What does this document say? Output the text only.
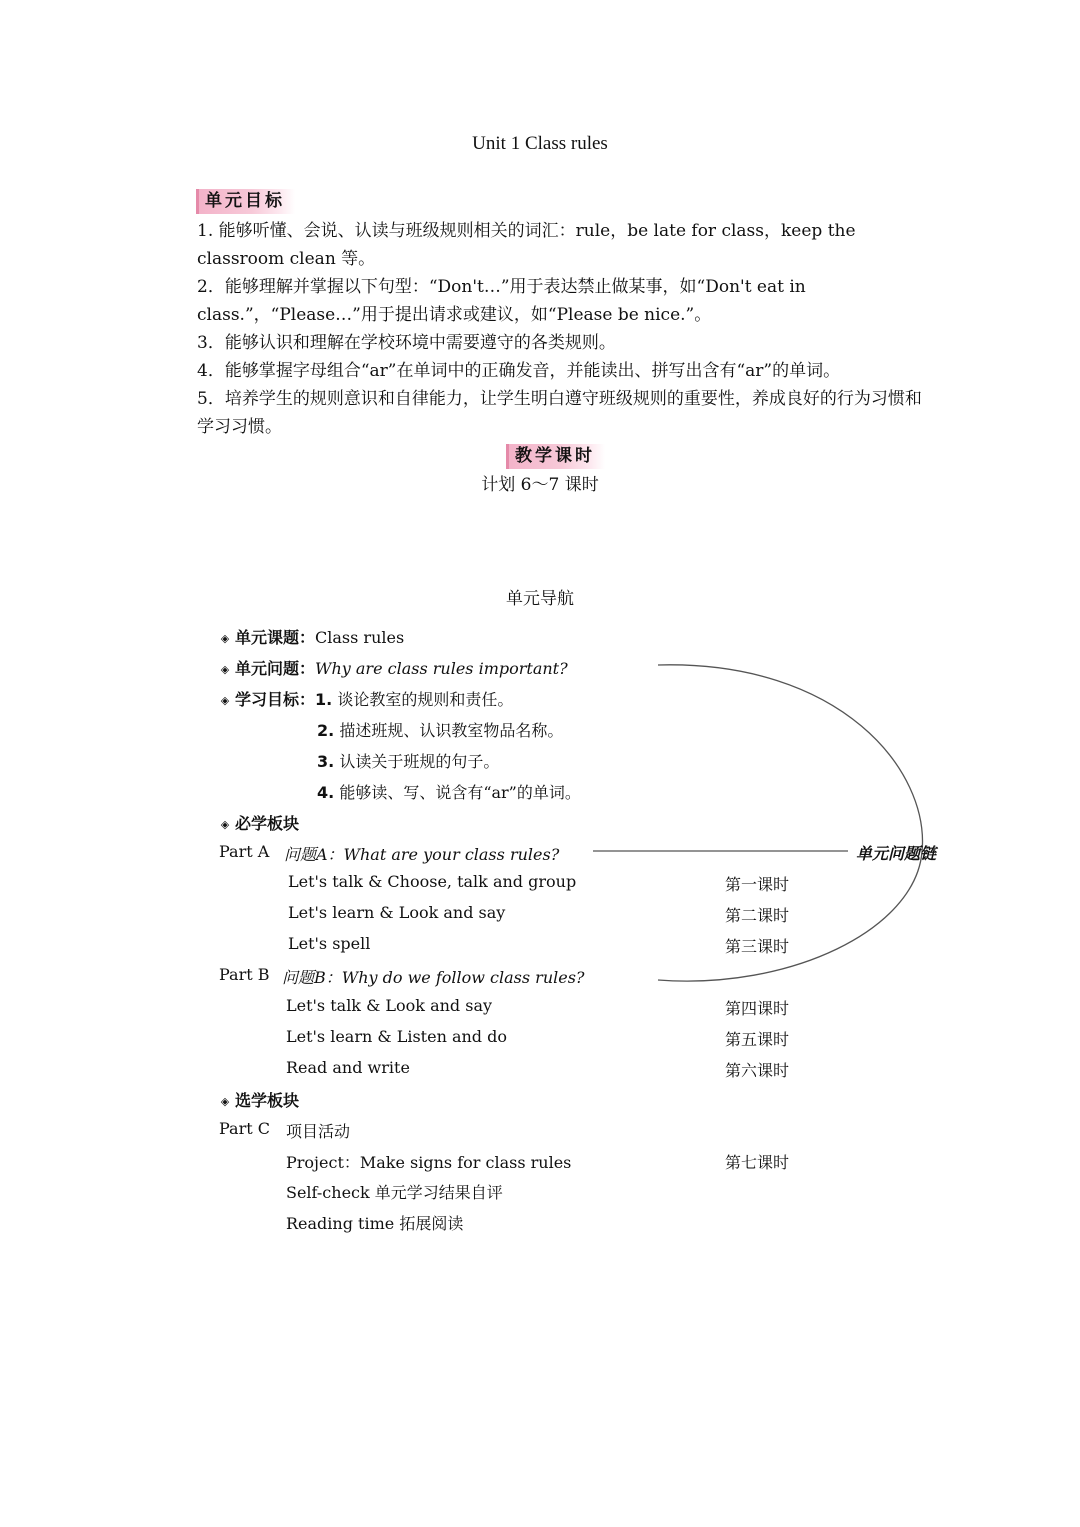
Unit 1 Class rules
单元目标
1. 能够听懂、会说、认读与班级规则相关的词汇：rule，be late for class，keep the classroom clean 等。
2．能够理解并掌握以下句型：“Don't…”用于表达禁止做某事，如“Don't eat in class.”，“Please…”用于提出请求或建议，如“Please be nice.”。
3．能够认识和理解在学校环境中需要遵守的各类规则。
4．能够掌握字母组合“ar”在单词中的正确发音，并能读出、拼写出含有“ar”的单词。
5．培养学生的规则意识和自律能力，让学生明白遵守班级规则的重要性，养成良好的行为习惯和学习习惯。
教学课时
计划 6～7 课时
单元导航
单元问题链
◈ 单元课题：Class rules
◈ 单元问题：Why are class rules important?
◈ 学习目标：1. 谈论教室的规则和责任。
2. 描述班规、认识教室物品名称。
3. 认读关于班规的句子。
4. 能够读、写、说含有“ar”的单词。
◈ 必学板块
Part A 问题A：What are your class rules?
Let's talk & Choose, talk and group	第一课时
Let's learn & Look and say	第二课时
Let's spell	第三课时
Part B 问题B：Why do we follow class rules?
Let's talk & Look and say	第四课时
Let's learn & Listen and do	第五课时
Read and write	第六课时
◈ 选学板块
Part C 项目活动
Project：Make signs for class rules	第七课时
Self-check 单元学习结果自评
Reading time 拓展阅读
